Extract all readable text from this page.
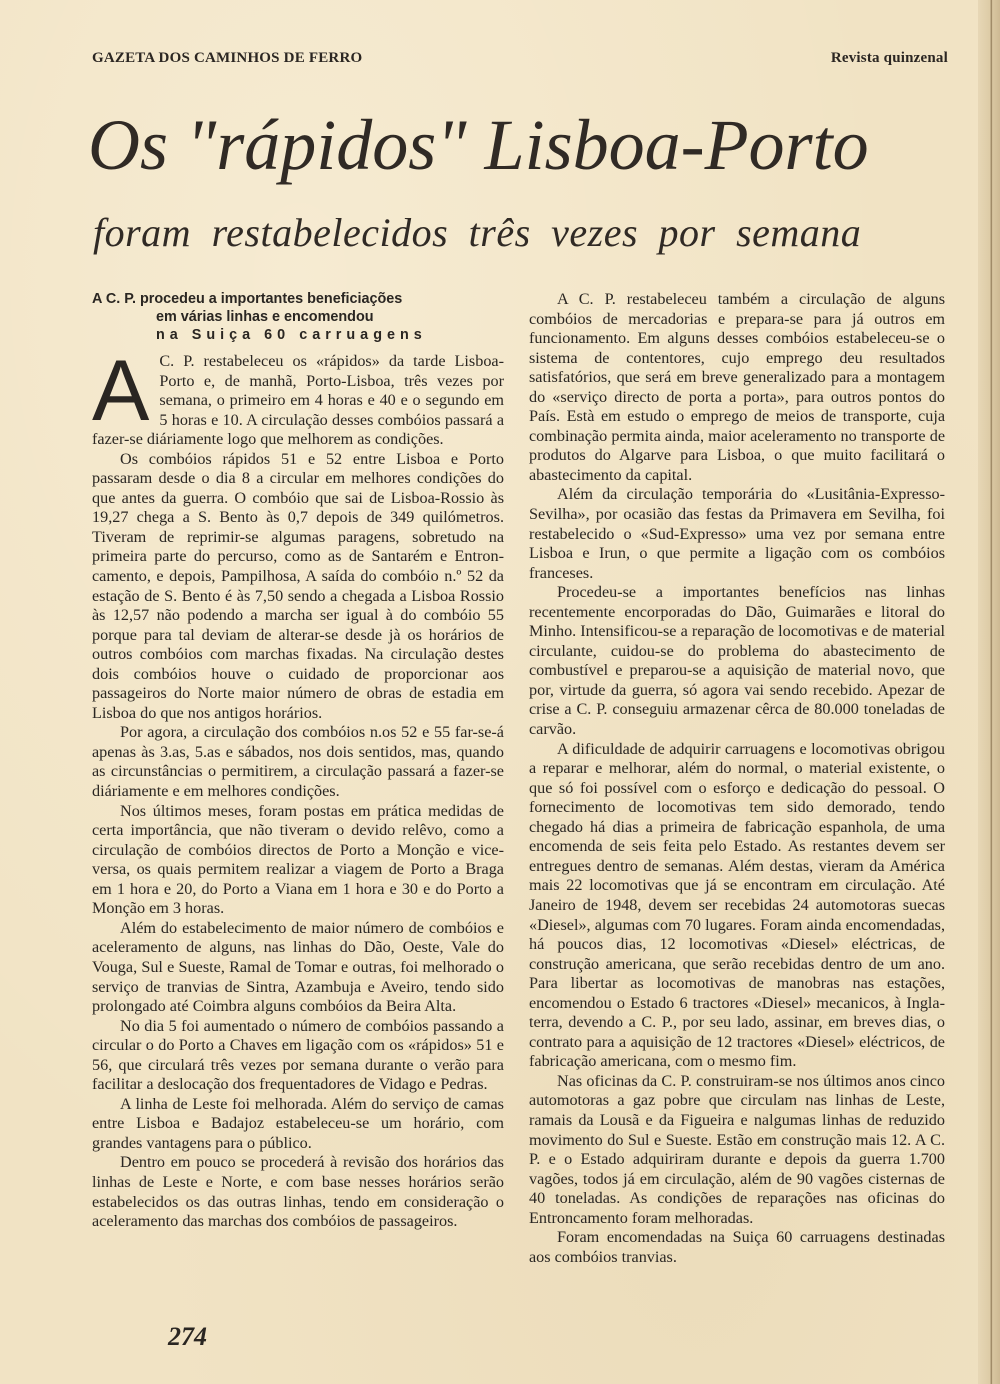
GAZETA DOS CAMINHOS DE FERRO	Revista quinzenal
Os "rápidos" Lisboa-Porto
foram restabelecidos três vezes por semana
A C. P. procedeu a importantes beneficiações
em várias linhas e encomendou
na Suiça 60 carruagens

A C. P. restabeleceu os «rápidos» da tarde Lisboa-Porto e, de manhã, Porto-Lisboa, três vezes por semana, o primeiro em 4 horas e 40 e o segundo em 5 horas e 10. A circulação desses combóios passará a fazer-se diáriamente logo que melhorem as condições.

Os combóios rápidos 51 e 52 entre Lisboa e Porto passaram desde o dia 8 a circular em melhores condições do que antes da guerra. O combóio que sai de Lisboa-Rossio às 19,27 chega a S. Bento às 0,7 depois de 349 quilómetros. Tiveram de reprimir-se algumas paragens, sobretudo na primeira parte do percurso, como as de Santarém e Entroncamento, e depois, Pampilhosa, A saída do combóio n.º 52 da estação de S. Bento é às 7,50 sendo a chegada a Lisboa Rossio às 12,57 não podendo a marcha ser igual à do combóio 55 porque para tal deviam de alterar-se desde jà os horários de outros combóios com marchas fixadas. Na circulação destes dois combóios houve o cuidado de proporcionar aos passageiros do Norte maior número de obras de estadia em Lisboa do que nos antigos horários.

Por agora, a circulação dos combóios n.os 52 e 55 far-se-á apenas às 3.as, 5.as e sábados, nos dois sentidos, mas, quando as circunstâncias o permitirem, a circulação passará a fazer-se diáriamente e em melhores condições.

Nos últimos meses, foram postas em prática medidas de certa importância, que não tiveram o devido relêvo, como a circulação de combóios directos de Porto a Monção e vice-versa, os quais permitem realizar a viagem de Porto a Braga em 1 hora e 20, do Porto a Viana em 1 hora e 30 e do Porto a Monção em 3 horas.

Além do estabelecimento de maior número de combóios e aceleramento de alguns, nas linhas do Dão, Oeste, Vale do Vouga, Sul e Sueste, Ramal de Tomar e outras, foi melhorado o serviço de tranvias de Sintra, Azambuja e Aveiro, tendo sido prolongado até Coimbra alguns combóios da Beira Alta.

No dia 5 foi aumentado o número de combóios passando a circular o do Porto a Chaves em ligação com os «rápidos» 51 e 56, que circulará três vezes por semana durante o verão para facilitar a deslocação dos frequentadores de Vidago e Pedras.

A linha de Leste foi melhorada. Além do serviço de camas entre Lisboa e Badajoz estabeleceu-se um horário, com grandes vantagens para o público.

Dentro em pouco se procederá à revisão dos horários das linhas de Leste e Norte, e com base nesses horários serão estabelecidos os das outras linhas, tendo em consideração o aceleramento das marchas dos combóios de passageiros.

A C. P. restabeleceu também a circulação de alguns combóios de mercadorias e prepara-se para já outros em funcionamento. Em alguns desses combóios estabeleceu-se o sistema de contentores, cujo emprego deu resultados satisfatórios, que será em breve generalizado para a montagem do «serviço directo de porta a porta», para outros pontos do País. Està em estudo o emprego de meios de transporte, cuja combinação permita ainda, maior aceleramento no transporte de produtos do Algarve para Lisboa, o que muito facilitará o abastecimento da capital.

Além da circulação temporária do «Lusitânia-Expresso-Sevilha», por ocasião das festas da Primavera em Sevilha, foi restabelecido o «Sud-Expresso» uma vez por semana entre Lisboa e Irun, o que permite a ligação com os combóios franceses.

Procedeu-se a importantes benefícios nas linhas recentemente encorporadas do Dão, Guimarães e litoral do Minho. Intensificou-se a reparação de locomotivas e de material circulante, cuidou-se do problema do abastecimento de combustível e preparou-se a aquisição de material novo, que por, virtude da guerra, só agora vai sendo recebido. Apezar de crise a C. P. conseguiu armazenar cêrca de 80.000 toneladas de carvão.

A dificuldade de adquirir carruagens e locomotivas obrigou a reparar e melhorar, além do normal, o material existente, o que só foi possível com o esforço e dedicação do pessoal. O fornecimento de locomotivas tem sido demorado, tendo chegado há dias a primeira de fabricação espanhola, de uma encomenda de seis feita pelo Estado. As restantes devem ser entregues dentro de semanas. Além destas, vieram da América mais 22 locomotivas que já se encontram em circulação. Até Janeiro de 1948, devem ser recebidas 24 automotoras suecas «Diesel», algumas com 70 lugares. Foram ainda encomendadas, há poucos dias, 12 locomotivas «Diesel» eléctricas, de construção americana, que serão recebidas dentro de um ano. Para libertar as locomotivas de manobras nas estações, encomendou o Estado 6 tractores «Diesel» mecanicos, à Inglaterra, devendo a C. P., por seu lado, assinar, em breves dias, o contrato para a aquisição de 12 tractores «Diesel» eléctricos, de fabricação americana, com o mesmo fim.

Nas oficinas da C. P. construiram-se nos últimos anos cinco automotoras a gaz pobre que circulam nas linhas de Leste, ramais da Lousã e da Figueira e nalgumas linhas de reduzido movimento do Sul e Sueste. Estão em construção mais 12. A C. P. e o Estado adquiriram durante e depois da guerra 1.700 vagões, todos já em circulação, além de 90 vagões cisternas de 40 toneladas. As condições de reparações nas oficinas do Entroncamento foram melhoradas.

Foram encomendadas na Suiça 60 carruagens destinadas aos combóios tranvias.

274
